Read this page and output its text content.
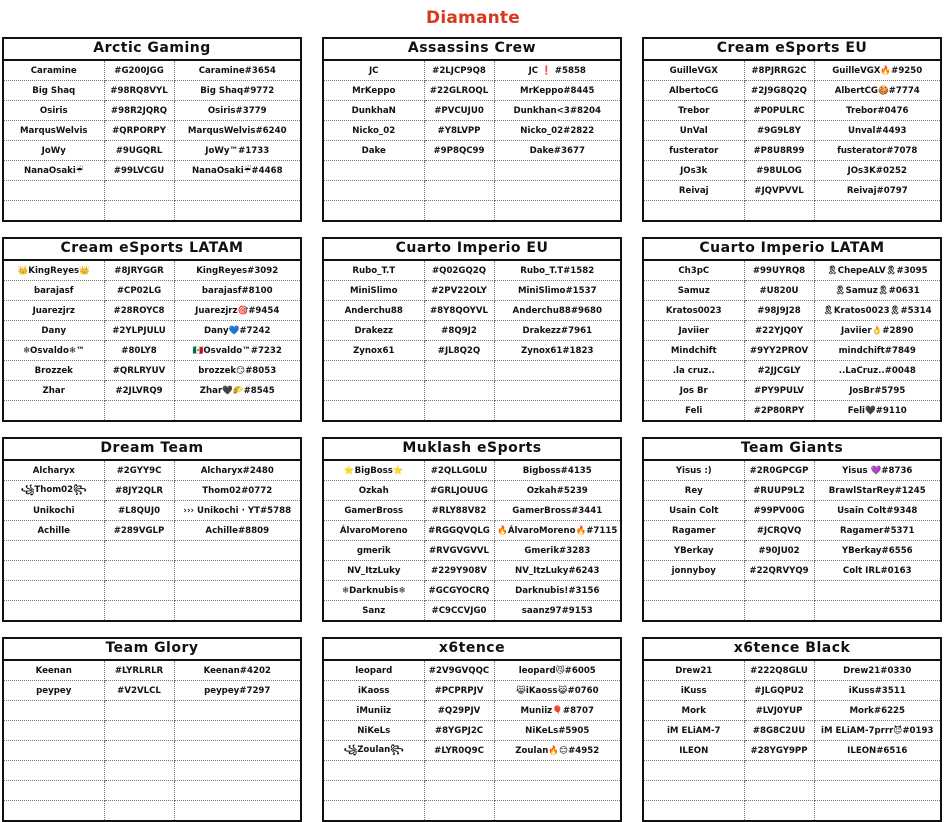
Diamante
Arctic Gaming
Caramine	#G200JGG	Caramine#3654
Big Shaq	#98RQ8VYL	Big Shaq#9772
Osiris	#98R2JQRQ	Osiris#3779
MarqusWelvis	#QRPORPY	MarqusWelvis#6240
JoWy	#9UGQRL	JoWy™#1733
NanaOsaki☔	#99LVCGU	NanaOsaki☔#4468

Assassins Crew
JC	#2LJCP9Q8	JC ❗ #5858
MrKeppo	#22GLROQL	MrKeppo#8445
DunkhaN	#PVCUJU0	Dunkhan<3#8204
Nicko_02	#Y8LVPP	Nicko_02#2822
Dake	#9P8QC99	Dake#3677

Cream eSports EU
GuilleVGX	#8PJRRG2C	GuilleVGX🔥#9250
AlbertoCG	#2J9G8Q2Q	AlbertCG🍪#7774
Trebor	#P0PULRC	Trebor#0476
UnVal	#9G9L8Y	Unval#4493
fusterator	#P8U8R99	fusterator#7078
JOs3k	#98ULOG	JOs3K#0252
Reivaj	#JQVPVVL	Reivaj#0797

Cream eSports LATAM
👑KingReyes👑	#8JRYGGR	KingReyes#3092
barajasf	#CP02LG	barajasf#8100
Juarezjrz	#28ROYC8	Juarezjrz🎯#9454
Dany	#2YLPJULU	Dany💙#7242
❄Osvaldo❄™	#80LY8	🇲🇽Osvaldo™#7232
Brozzek	#QRLRYUV	brozzek😏#8053
Zhar	#2JLVRQ9	Zhar🖤🌮#8545

Cuarto Imperio EU
Rubo_T.T	#Q02GQ2Q	Rubo_T.T#1582
MiniSlimo	#2PV22OLY	MiniSlimo#1537
Anderchu88	#8Y8QOYVL	Anderchu88#9680
Drakezz	#8Q9J2	Drakezz#7961
Zynox61	#JL8Q2Q	Zynox61#1823

Cuarto Imperio LATAM
Ch3pC	#99UYRQ8	🎗ChepeALV🎗#3095
Samuz	#U820U	🎗Samuz🎗#0631
Kratos0023	#98J9J28	🎗Kratos0023🎗#5314
Javiier	#22YJQ0Y	Javiier👌#2890
Mindchift	#9YY2PROV	mindchift#7849
.la cruz..	#2JJCGLY	..LaCruz..#0048
Jos Br	#PY9PULV	JosBr#5795
Feli	#2P80RPY	Feli🖤#9110
Dream Team
Alcharyx	#2GYY9C	Alcharyx#2480
꧁Thom02꧂	#8JY2QLR	Thom02#0772
Unikochi	#L8QUJ0	››› Unikochi · YT#5788
Achille	#289VGLP	Achille#8809

Muklash eSports
⭐BigBoss⭐	#2QLLG0LU	Bigboss#4135
Ozkah	#GRLJOUUG	Ozkah#5239
GamerBross	#RLY88V82	GamerBross#3441
ÁlvaroMoreno	#RGGQVQLG	🔥ÁlvaroMoreno🔥#7115
gmerik	#RVGVGVVL	Gmerik#3283
NV_ItzLuky	#229Y908V	NV_ItzLuky#6243
❄Darknubis❄	#GCGYOCRQ	Darknubis!#3156
Sanz	#C9CCVJG0	saanz97#9153
Team Giants
Yisus :)	#2R0GPCGP	Yisus 💜#8736
Rey	#RUUP9L2	BrawlStarRey#1245
Usain Colt	#99PV00G	Usain Colt#9348
Ragamer	#JCRQVQ	Ragamer#5371
YBerkay	#90JU02	YBerkay#6556
jonnyboy	#22QRVYQ9	Colt IRL#0163

Team Glory
Keenan	#LYRLRLR	Keenan#4202
peypey	#V2VLCL	peypey#7297

x6tence
leopard	#2V9GVQQC	leopard😼#6005
iKaoss	#PCPRPJV	😹iKaoss😹#0760
iMuniiz	#Q29PJV	Muniiz🎈#8707
NiKeLs	#8YGPJ2C	NiKeLs#5905
꧁Zoulan꧂	#LYR0Q9C	Zoulan🔥😊#4952

x6tence Black
Drew21	#222Q8GLU	Drew21#0330
iKuss	#JLGQPU2	iKuss#3511
Mork	#LVJ0YUP	Mork#6225
iM ELiAM-7	#8G8C2UU	iM ELiAM-7prrr😈#0193
ILEON	#28YGY9PP	ILEON#6516
